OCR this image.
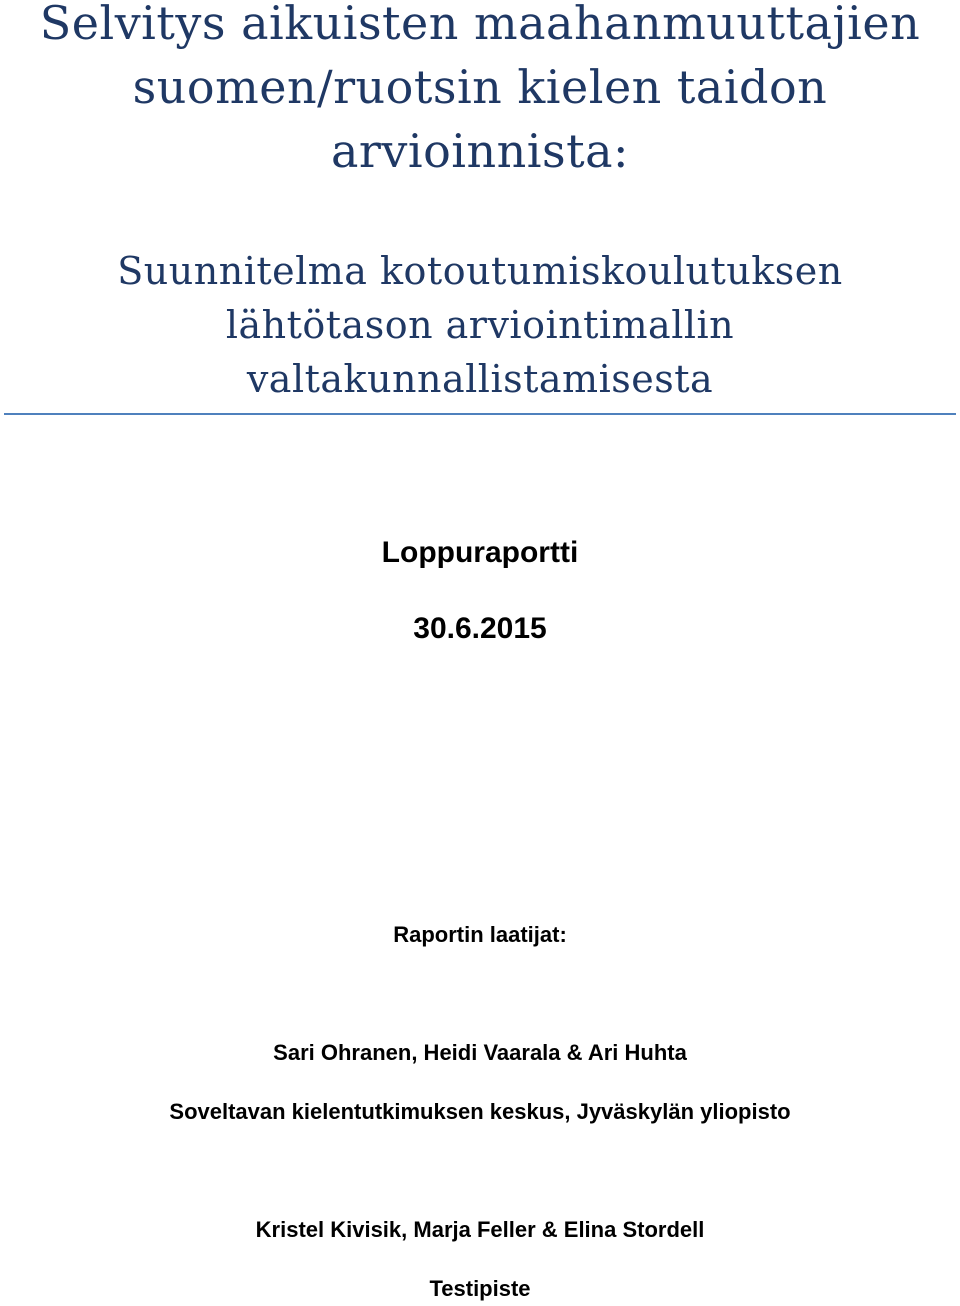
Selvitys aikuisten maahanmuuttajien
suomen/ruotsin kielen taidon
arvioinnista:
Suunnitelma kotoutumiskoulutuksen
lähtötason arviointimallin
valtakunnallistamisesta
Loppuraportti
30.6.2015
Raportin laatijat:
Sari Ohranen, Heidi Vaarala & Ari Huhta
Soveltavan kielentutkimuksen keskus, Jyväskylän yliopisto
Kristel Kivisik, Marja Feller & Elina Stordell
Testipiste
